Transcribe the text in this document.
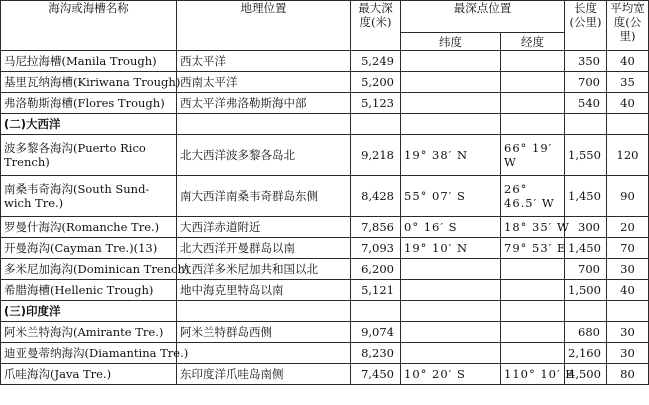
海沟或海槽名称	地理位置	最大深度(米)	最深点位置		长度(公里)	平均宽度(公里)
			纬度	经度		
马尼拉海槽(Manila Trough)	西太平洋	5,249			350	40
基里瓦纳海槽(Kiriwana Trough)	西南太平洋	5,200			700	35
弗洛勒斯海槽(Flores Trough)	西太平洋弗洛勒斯海中部	5,123			540	40
(二)大西洋						
波多黎各海沟(Puerto Rico Trench)	北大西洋波多黎各岛北	9,218	19° 38′ N	66° 19′ W	1,550	120
南桑韦奇海沟(South Sund-wich Tre.)	南大西洋南桑韦奇群岛东侧	8,428	55° 07′ S	26° 46.5′ W	1,450	90
罗曼什海沟(Romanche Tre.)	大西洋赤道附近	7,856	0° 16′ S	18° 35′ W	300	20
开曼海沟(Cayman Tre.)(13)	北大西洋开曼群岛以南	7,093	19° 10′ N	79° 53′ E	1,450	70
多米尼加海沟(Dominican Trench)	大西洋多米尼加共和国以北	6,200			700	30
希腊海槽(Hellenic Trough)	地中海克里特岛以南	5,121			1,500	40
(三)印度洋						
阿米兰特海沟(Amirante Tre.)	阿米兰特群岛西侧	9,074			680	30
迪亚曼蒂纳海沟(Diamantina Tre.)		8,230			2,160	30
爪哇海沟(Java Tre.)	东印度洋爪哇岛南侧	7,450	10° 20′ S	110° 10′ E	4,500	80
